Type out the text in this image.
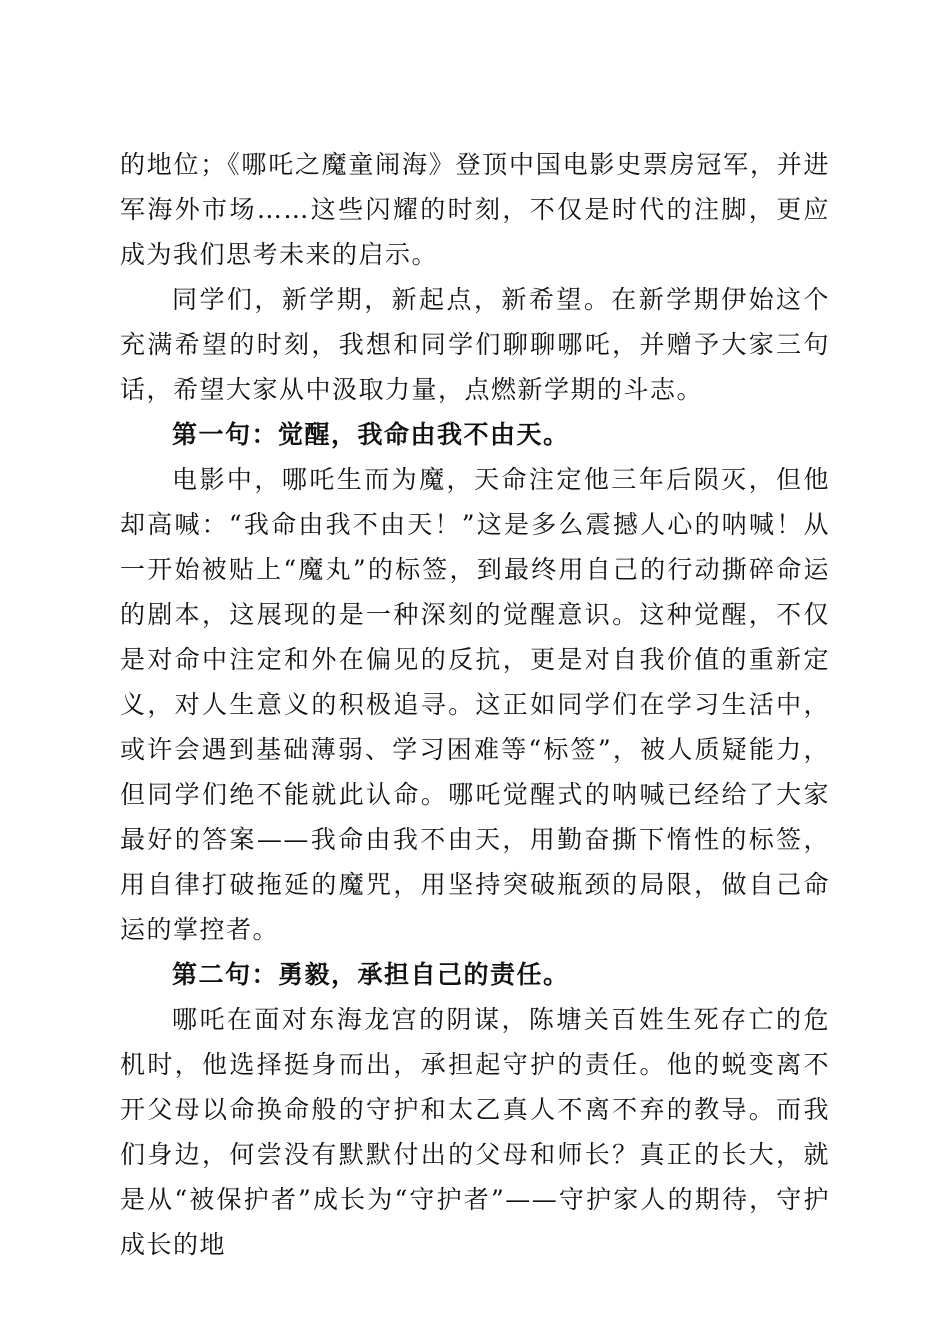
的地位；《哪吒之魔童闹海》登顶中国电影史票房冠军，并进军海外市场……这些闪耀的时刻，不仅是时代的注脚，更应成为我们思考未来的启示。

同学们，新学期，新起点，新希望。在新学期伊始这个充满希望的时刻，我想和同学们聊聊哪吒，并赠予大家三句话，希望大家从中汲取力量，点燃新学期的斗志。

第一句：觉醒，我命由我不由天。

电影中，哪吒生而为魔，天命注定他三年后陨灭，但他却高喊：“我命由我不由天！”这是多么震撼人心的呐喊！从一开始被贴上“魔丸”的标签，到最终用自己的行动撕碎命运的剧本，这展现的是一种深刻的觉醒意识。这种觉醒，不仅是对命中注定和外在偏见的反抗，更是对自我价值的重新定义，对人生意义的积极追寻。这正如同学们在学习生活中，或许会遇到基础薄弱、学习困难等“标签”，被人质疑能力，但同学们绝不能就此认命。哪吒觉醒式的呐喊已经给了大家最好的答案——我命由我不由天，用勤奋撕下惰性的标签，用自律打破拖延的魔咒，用坚持突破瓶颈的局限，做自己命运的掌控者。

第二句：勇毅，承担自己的责任。

哪吒在面对东海龙宫的阴谋，陈塘关百姓生死存亡的危机时，他选择挺身而出，承担起守护的责任。他的蜕变离不开父母以命换命般的守护和太乙真人不离不弃的教导。而我们身边，何尝没有默默付出的父母和师长？真正的长大，就是从“被保护者”成长为“守护者”——守护家人的期待，守护成长的地
